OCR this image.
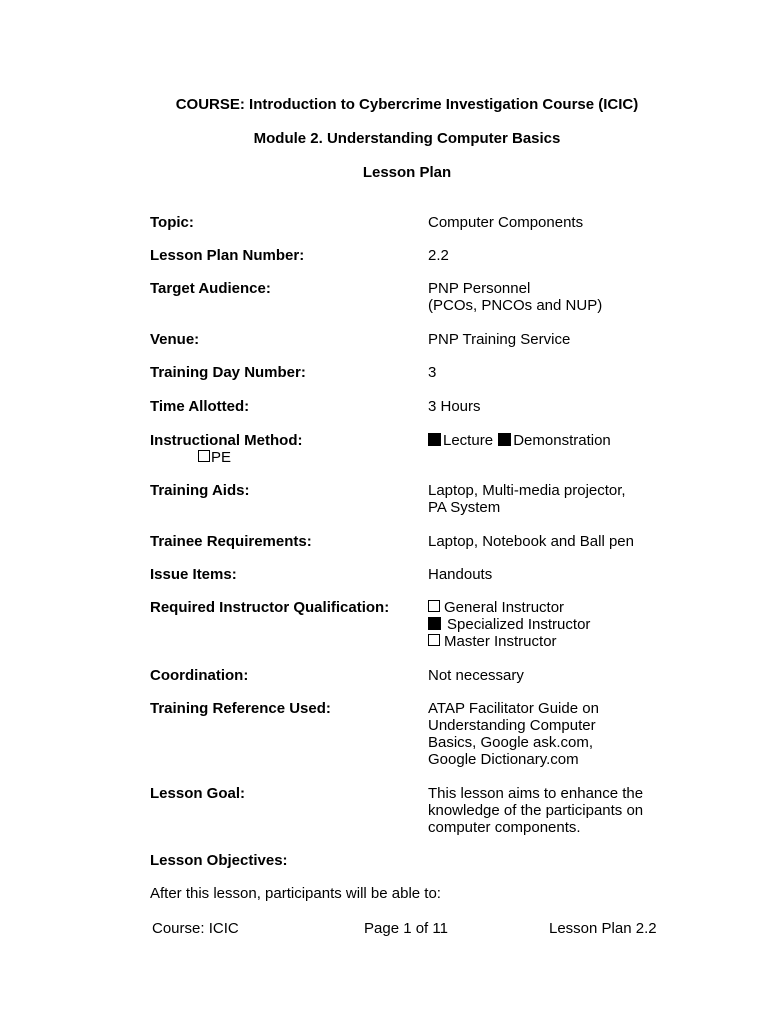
COURSE: Introduction to Cybercrime Investigation Course (ICIC)
Module 2. Understanding Computer Basics
Lesson Plan
Topic:	Computer Components
Lesson Plan Number:	2.2
Target Audience:	PNP Personnel
(PCOs, PNCOs and NUP)
Venue:	PNP Training Service
Training Day Number:	3
Time Allotted:	3 Hours
Instructional Method:	Lecture Demonstration
PE
Training Aids:	Laptop, Multi-media projector,
PA System
Trainee Requirements:	Laptop, Notebook and Ball pen
Issue Items:	Handouts
Required Instructor Qualification:	General Instructor
Specialized Instructor
Master Instructor
Coordination:	Not necessary
Training Reference Used:	ATAP Facilitator Guide on
Understanding Computer
Basics, Google ask.com,
Google Dictionary.com
Lesson Goal:	This lesson aims to enhance the
knowledge of the participants on
computer components.
Lesson Objectives:
After this lesson, participants will be able to:
Course: ICIC	Page 1 of 11	Lesson Plan 2.2
